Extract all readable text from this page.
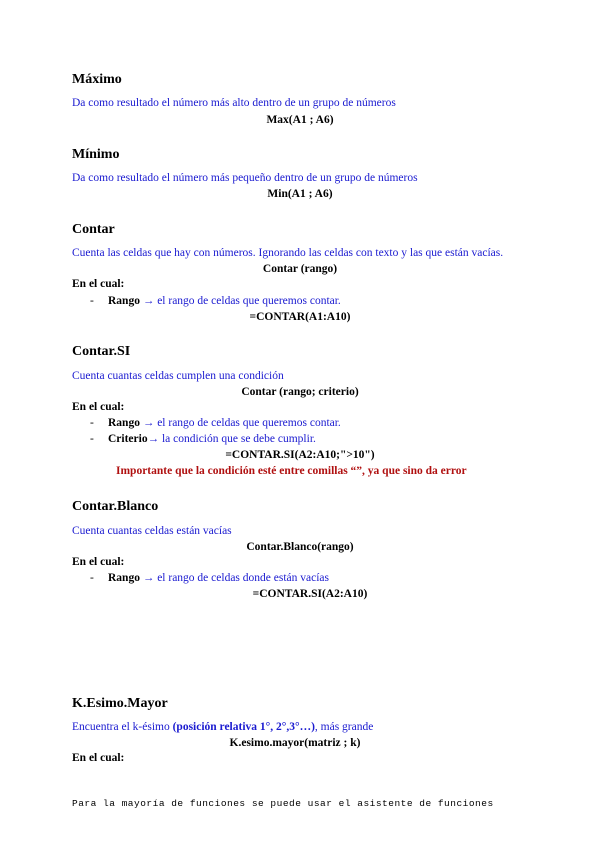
Máximo
Da como resultado el número más alto dentro de un grupo de números
Max(A1 ; A6)
Mínimo
Da como resultado el número más pequeño dentro de un grupo de números
Min(A1 ; A6)
Contar
Cuenta las celdas que hay con números. Ignorando las celdas con texto y las que están vacías.
Contar (rango)
En el cual:
- Rango → el rango de celdas que queremos contar.
=CONTAR(A1:A10)
Contar.SI
Cuenta cuantas celdas cumplen una condición
Contar (rango; criterio)
En el cual:
- Rango → el rango de celdas que queremos contar.
- Criterio→ la condición que se debe cumplir.
=CONTAR.SI(A2:A10;">10")
Importante que la condición esté entre comillas “”, ya que sino da error
Contar.Blanco
Cuenta cuantas celdas están vacías
Contar.Blanco(rango)
En el cual:
- Rango → el rango de celdas donde están vacías
=CONTAR.SI(A2:A10)
K.Esimo.Mayor
Encuentra el k-ésimo (posición relativa 1°, 2°,3°…), más grande
K.esimo.mayor(matriz ; k)
En el cual:
Para la mayoría de funciones se puede usar el asistente de funciones
